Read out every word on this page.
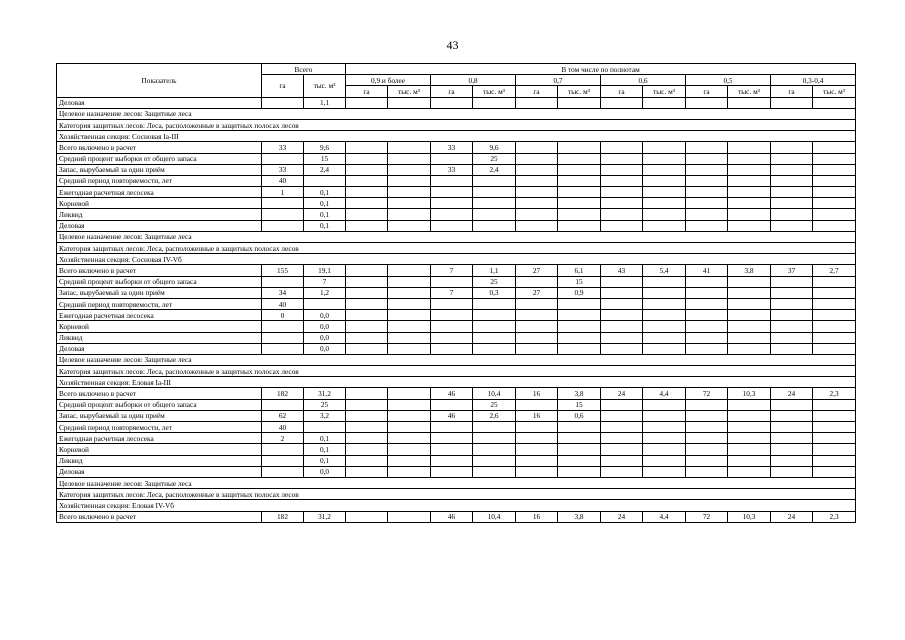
43
Показатель	Всего		В том числе по полнотам											
	га	тыс. м³	0,9 и более		0,8		0,7		0,6		0,5		0,3-0,4	
			га	тыс. м³	га	тыс. м³	га	тыс. м³	га	тыс. м³	га	тыс. м³	га	тыс. м³
Деловая		1,1												
Целевое назначение лесов: Защитные леса														
Категория защитных лесов: Леса, расположенные в защитных полосах лесов														
Хозяйственная секция: Сосновая Ia-III														
Всего включено в расчет	33	9,6			33	9,6								
Средний процент выборки от общего запаса		15				25								
Запас, вырубаемый за один приём	33	2,4			33	2,4								
Средний период повторяемости, лет	40													
Ежегодная расчетная лесосека	1	0,1												
Корневой		0,1												
Ликвид		0,1												
Деловая		0,1												
Целевое назначение лесов: Защитные леса														
Категория защитных лесов: Леса, расположенные в защитных полосах лесов														
Хозяйственная секция: Сосновая IV-Vб														
Всего включено в расчет	155	19,1			7	1,1	27	6,1	43	5,4	41	3,8	37	2,7
Средний процент выборки от общего запаса		7				25		15						
Запас, вырубаемый за один приём	34	1,2			7	0,3	27	0,9						
Средний период повторяемости, лет	40													
Ежегодная расчетная лесосека	0	0,0												
Корневой		0,0												
Ликвид		0,0												
Деловая		0,0												
Целевое назначение лесов: Защитные леса														
Категория защитных лесов: Леса, расположенные в защитных полосах лесов														
Хозяйственная секция: Еловая Ia-III														
Всего включено в расчет	182	31,2			46	10,4	16	3,8	24	4,4	72	10,3	24	2,3
Средний процент выборки от общего запаса		25				25		15						
Запас, вырубаемый за один приём	62	3,2			46	2,6	16	0,6						
Средний период повторяемости, лет	40													
Ежегодная расчетная лесосека	2	0,1												
Корневой		0,1												
Ликвид		0,1												
Деловая		0,0												
Целевое назначение лесов: Защитные леса														
Категория защитных лесов: Леса, расположенные в защитных полосах лесов														
Хозяйственная секция: Еловая IV-Vб														
Всего включено в расчет	182	31,2			46	10,4	16	3,8	24	4,4	72	10,3	24	2,3
